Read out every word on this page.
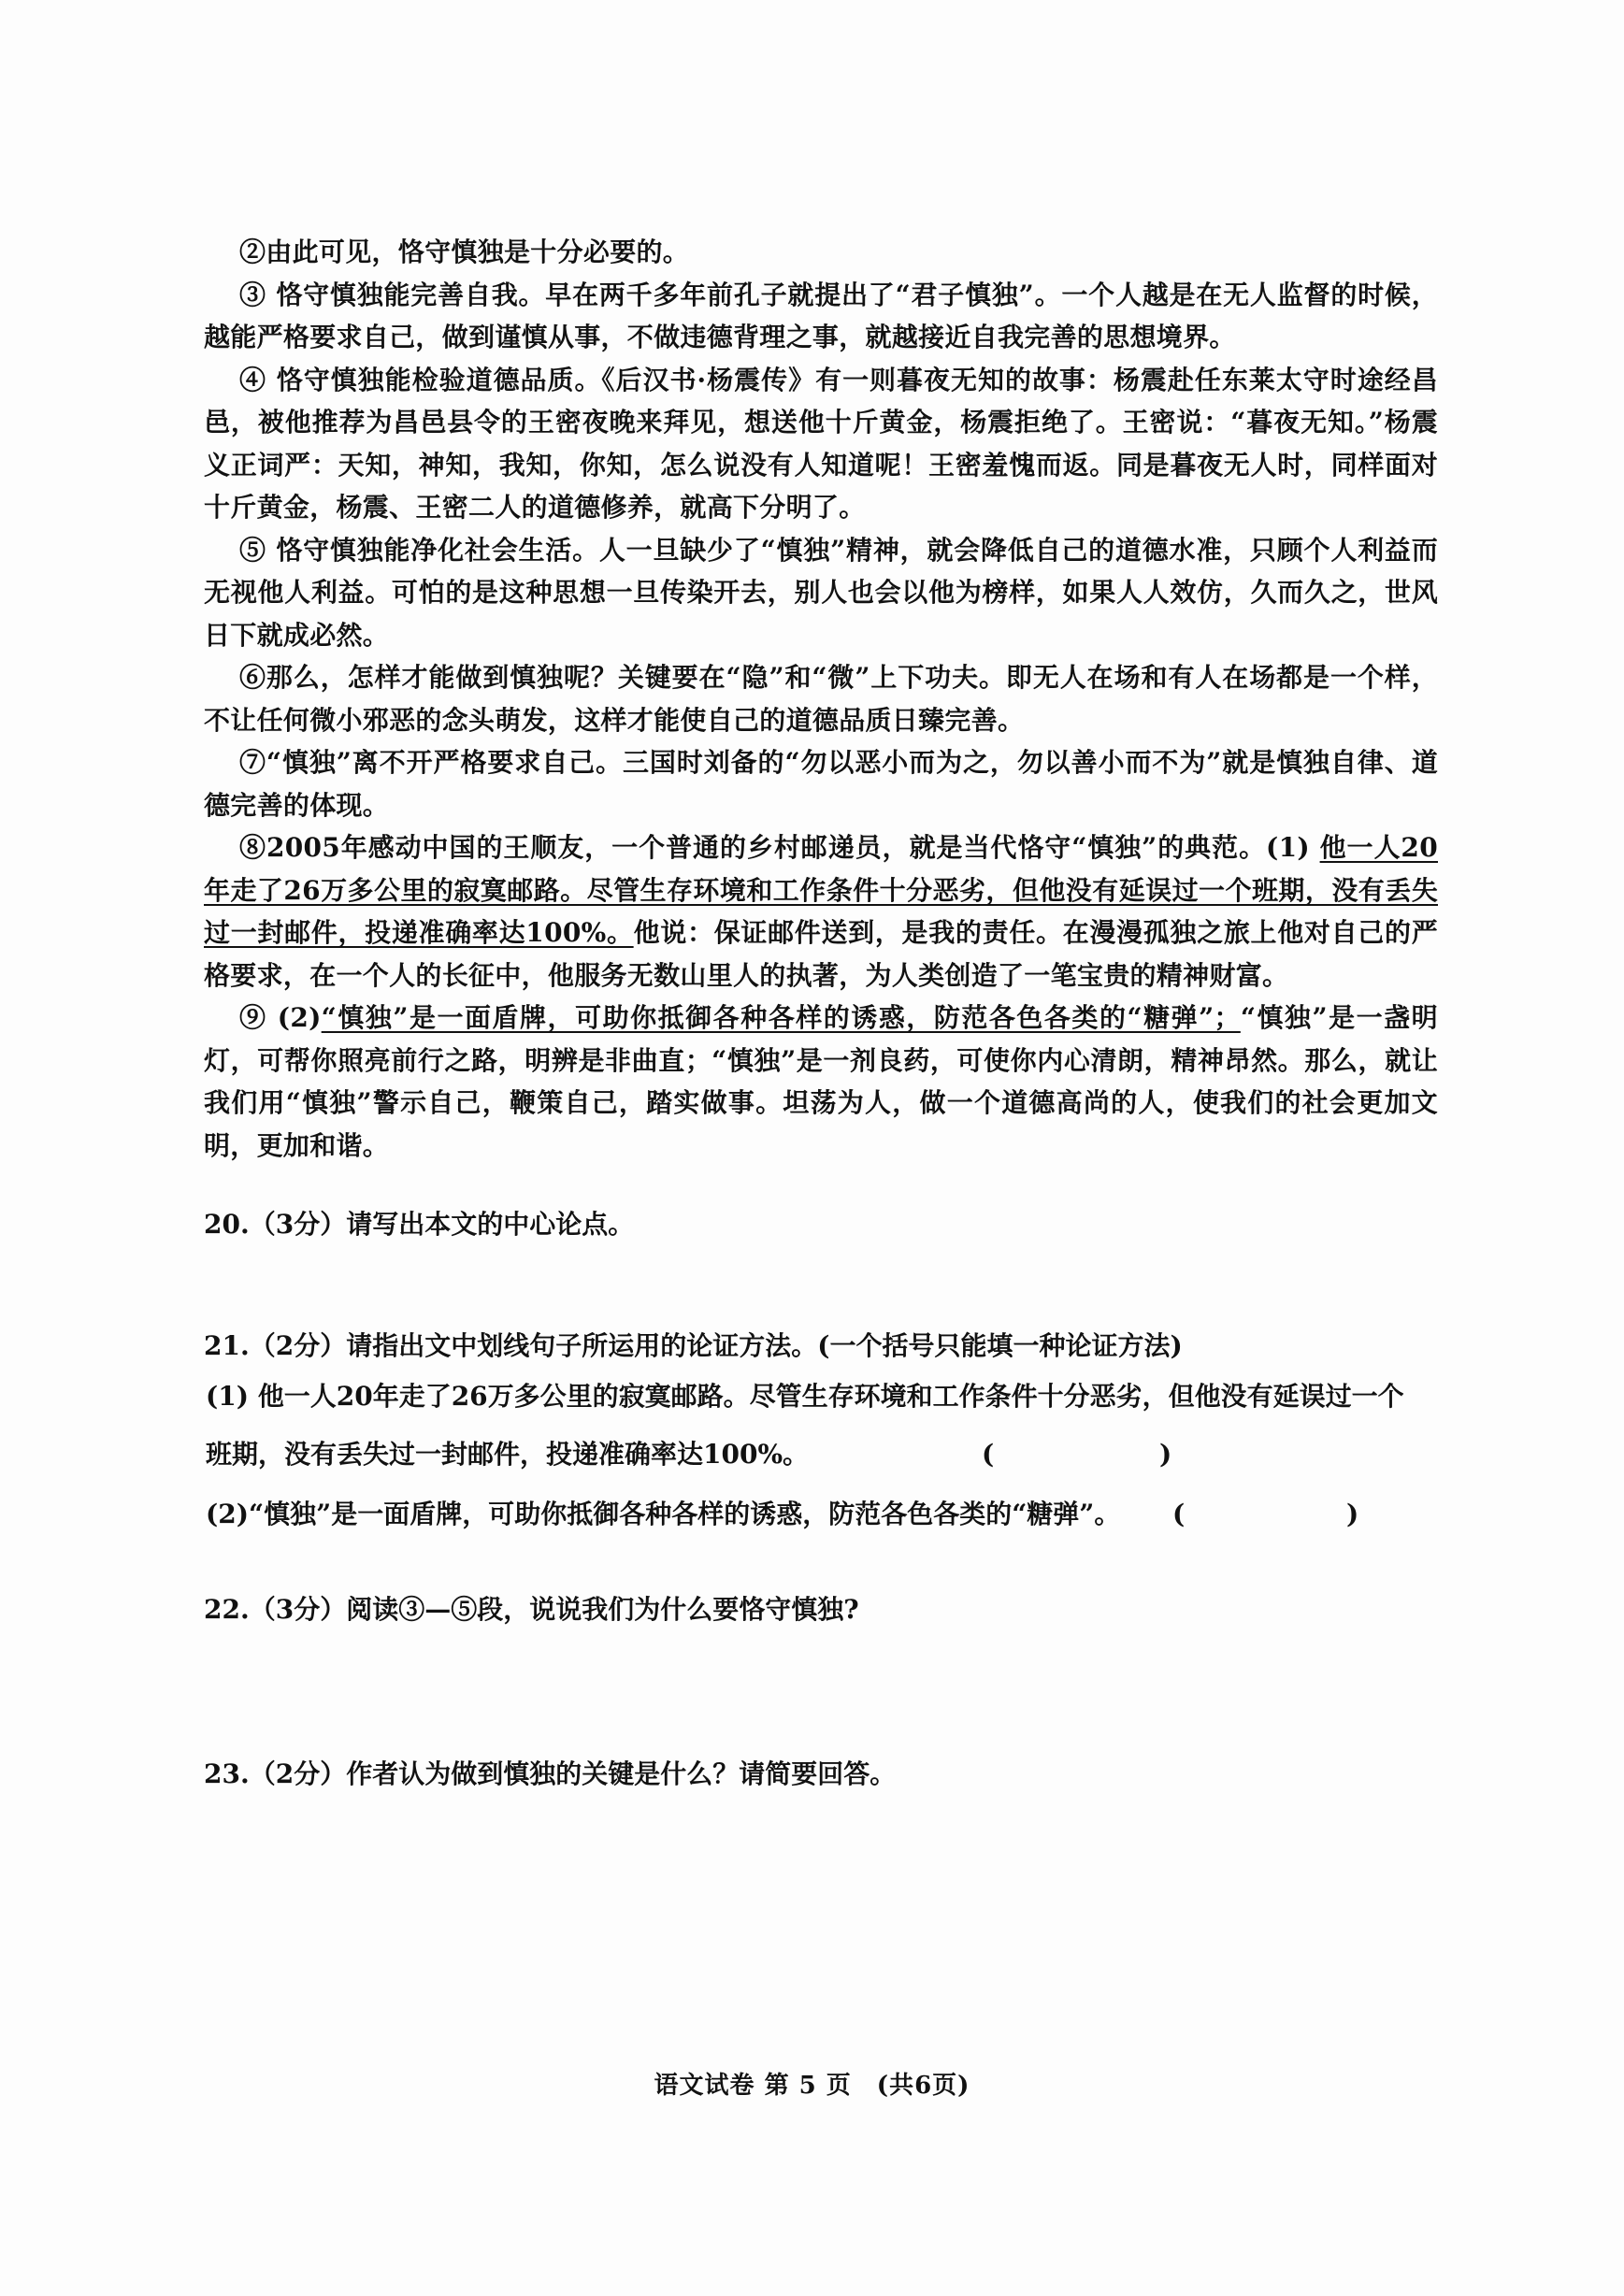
②由此可见，恪守慎独是十分必要的。

③ 恪守慎独能完善自我。早在两千多年前孔子就提出了“君子慎独”。一个人越是在无人监督的时候，越能严格要求自己，做到谨慎从事，不做违德背理之事，就越接近自我完善的思想境界。

④ 恪守慎独能检验道德品质。《后汉书·杨震传》有一则暮夜无知的故事：杨震赴任东莱太守时途经昌邑，被他推荐为昌邑县令的王密夜晚来拜见，想送他十斤黄金，杨震拒绝了。王密说：“暮夜无知。”杨震义正词严：天知，神知，我知，你知，怎么说没有人知道呢！王密羞愧而返。同是暮夜无人时，同样面对十斤黄金，杨震、王密二人的道德修养，就高下分明了。

⑤ 恪守慎独能净化社会生活。人一旦缺少了“慎独”精神，就会降低自己的道德水准，只顾个人利益而无视他人利益。可怕的是这种思想一旦传染开去，别人也会以他为榜样，如果人人效仿，久而久之，世风日下就成必然。

⑥那么，怎样才能做到慎独呢？关键要在“隐”和“微”上下功夫。即无人在场和有人在场都是一个样，不让任何微小邪恶的念头萌发，这样才能使自己的道德品质日臻完善。

⑦“慎独”离不开严格要求自己。三国时刘备的“勿以恶小而为之，勿以善小而不为”就是慎独自律、道德完善的体现。

⑧2005年感动中国的王顺友，一个普通的乡村邮递员，就是当代恪守“慎独”的典范。(1) 他一人20年走了26万多公里的寂寞邮路。尽管生存环境和工作条件十分恶劣，但他没有延误过一个班期，没有丢失过一封邮件，投递准确率达100%。他说：保证邮件送到，是我的责任。在漫漫孤独之旅上他对自己的严格要求，在一个人的长征中，他服务无数山里人的执著，为人类创造了一笔宝贵的精神财富。

⑨ (2)“慎独”是一面盾牌，可助你抵御各种各样的诱惑，防范各色各类的“糖弹”；“慎独”是一盏明灯，可帮你照亮前行之路，明辨是非曲直；“慎独”是一剂良药，可使你内心清朗，精神昂然。那么，就让我们用“慎独”警示自己，鞭策自己，踏实做事。坦荡为人，做一个道德高尚的人，使我们的社会更加文明，更加和谐。

20.（3分）请写出本文的中心论点。

21.（2分）请指出文中划线句子所运用的论证方法。(一个括号只能填一种论证方法)

(1) 他一人20年走了26万多公里的寂寞邮路。尽管生存环境和工作条件十分恶劣，但他没有延误过一个

班期，没有丢失过一封邮件，投递准确率达100%。	(	)
(2)“慎独”是一面盾牌，可助你抵御各种各样的诱惑，防范各色各类的“糖弹”。 (	)

22.（3分）阅读③—⑤段，说说我们为什么要恪守慎独?

23.（2分）作者认为做到慎独的关键是什么？请简要回答。

语文试卷 第 5 页　(共6页)
